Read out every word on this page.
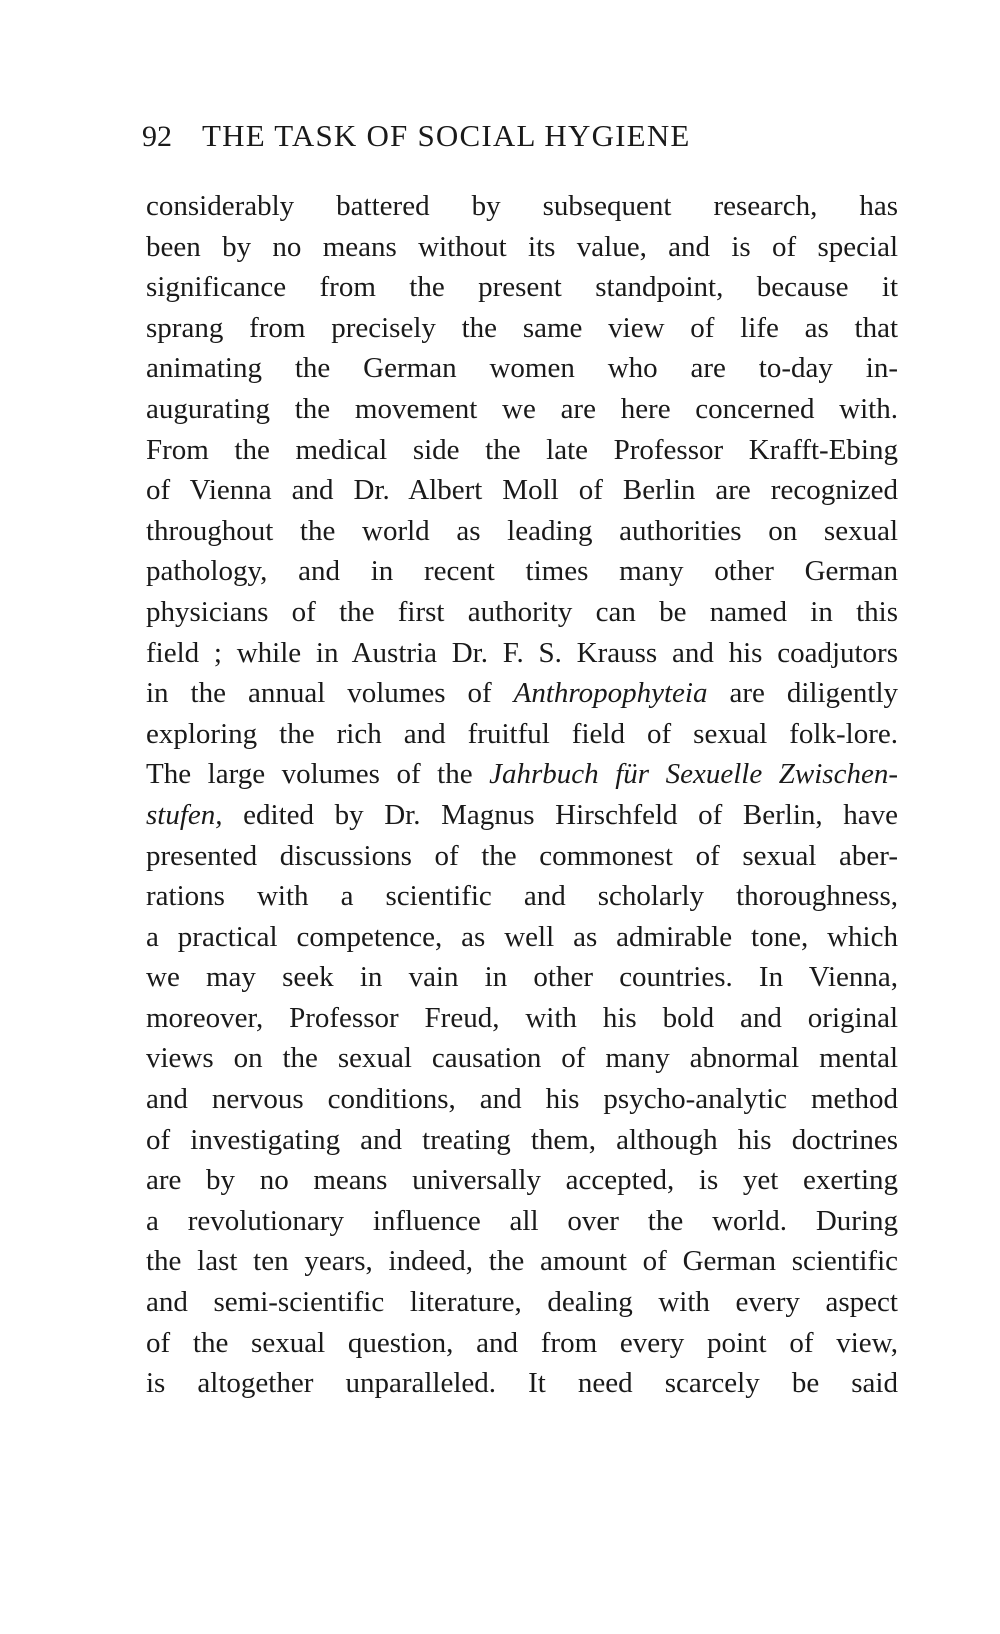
92 THE TASK OF SOCIAL HYGIENE
considerably battered by subsequent research, has
been by no means without its value, and is of special
significance from the present standpoint, because it
sprang from precisely the same view of life as that
animating the German women who are to-day in-
augurating the movement we are here concerned with.
From the medical side the late Professor Krafft-Ebing
of Vienna and Dr. Albert Moll of Berlin are recognized
throughout the world as leading authorities on sexual
pathology, and in recent times many other German
physicians of the first authority can be named in this
field ; while in Austria Dr. F. S. Krauss and his coadjutors
in the annual volumes of Anthropophyteia are diligently
exploring the rich and fruitful field of sexual folk-lore.
The large volumes of the Jahrbuch für Sexuelle Zwischen-
stufen, edited by Dr. Magnus Hirschfeld of Berlin, have
presented discussions of the commonest of sexual aber-
rations with a scientific and scholarly thoroughness,
a practical competence, as well as admirable tone, which
we may seek in vain in other countries. In Vienna,
moreover, Professor Freud, with his bold and original
views on the sexual causation of many abnormal mental
and nervous conditions, and his psycho-analytic method
of investigating and treating them, although his doctrines
are by no means universally accepted, is yet exerting
a revolutionary influence all over the world. During
the last ten years, indeed, the amount of German scientific
and semi-scientific literature, dealing with every aspect
of the sexual question, and from every point of view,
is altogether unparalleled. It need scarcely be said
